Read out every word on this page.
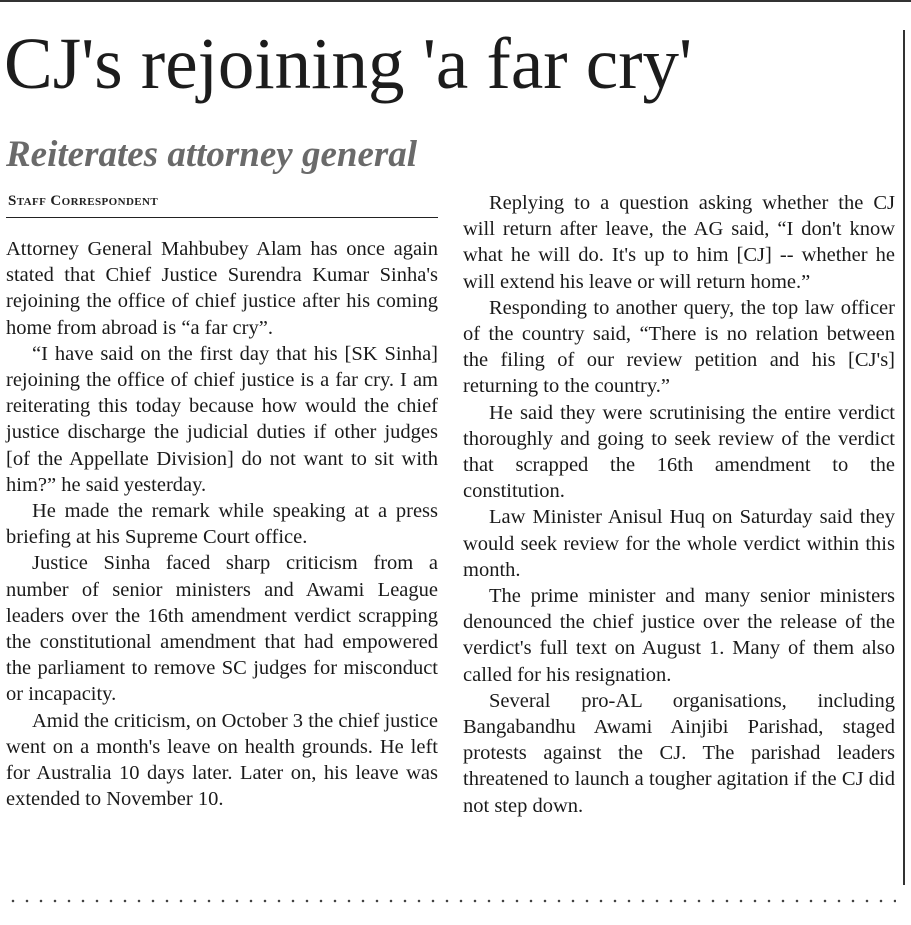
CJ's rejoining 'a far cry'
Reiterates attorney general
Staff Correspondent

Attorney General Mahbubey Alam has once again stated that Chief Justice Surendra Kumar Sinha's rejoining the office of chief justice after his coming home from abroad is “a far cry”.

“I have said on the first day that his [SK Sinha] rejoining the office of chief justice is a far cry. I am reiterating this today because how would the chief justice discharge the judicial duties if other judges [of the Appellate Division] do not want to sit with him?” he said yesterday.

He made the remark while speaking at a press briefing at his Supreme Court office.

Justice Sinha faced sharp criticism from a number of senior ministers and Awami League leaders over the 16th amendment verdict scrapping the constitutional amendment that had empowered the parliament to remove SC judges for misconduct or incapacity.

Amid the criticism, on October 3 the chief justice went on a month's leave on health grounds. He left for Australia 10 days later. Later on, his leave was extended to November 10.

Replying to a question asking whether the CJ will return after leave, the AG said, “I don't know what he will do. It's up to him [CJ] -- whether he will extend his leave or will return home.”

Responding to another query, the top law officer of the country said, “There is no relation between the filing of our review petition and his [CJ's] returning to the country.”

He said they were scrutinising the entire verdict thoroughly and going to seek review of the verdict that scrapped the 16th amendment to the constitution.

Law Minister Anisul Huq on Saturday said they would seek review for the whole verdict within this month.

The prime minister and many senior ministers denounced the chief justice over the release of the verdict's full text on August 1. Many of them also called for his resignation.

Several pro-AL organisations, including Bangabandhu Awami Ainjibi Parishad, staged protests against the CJ. The parishad leaders threatened to launch a tougher agitation if the CJ did not step down.
